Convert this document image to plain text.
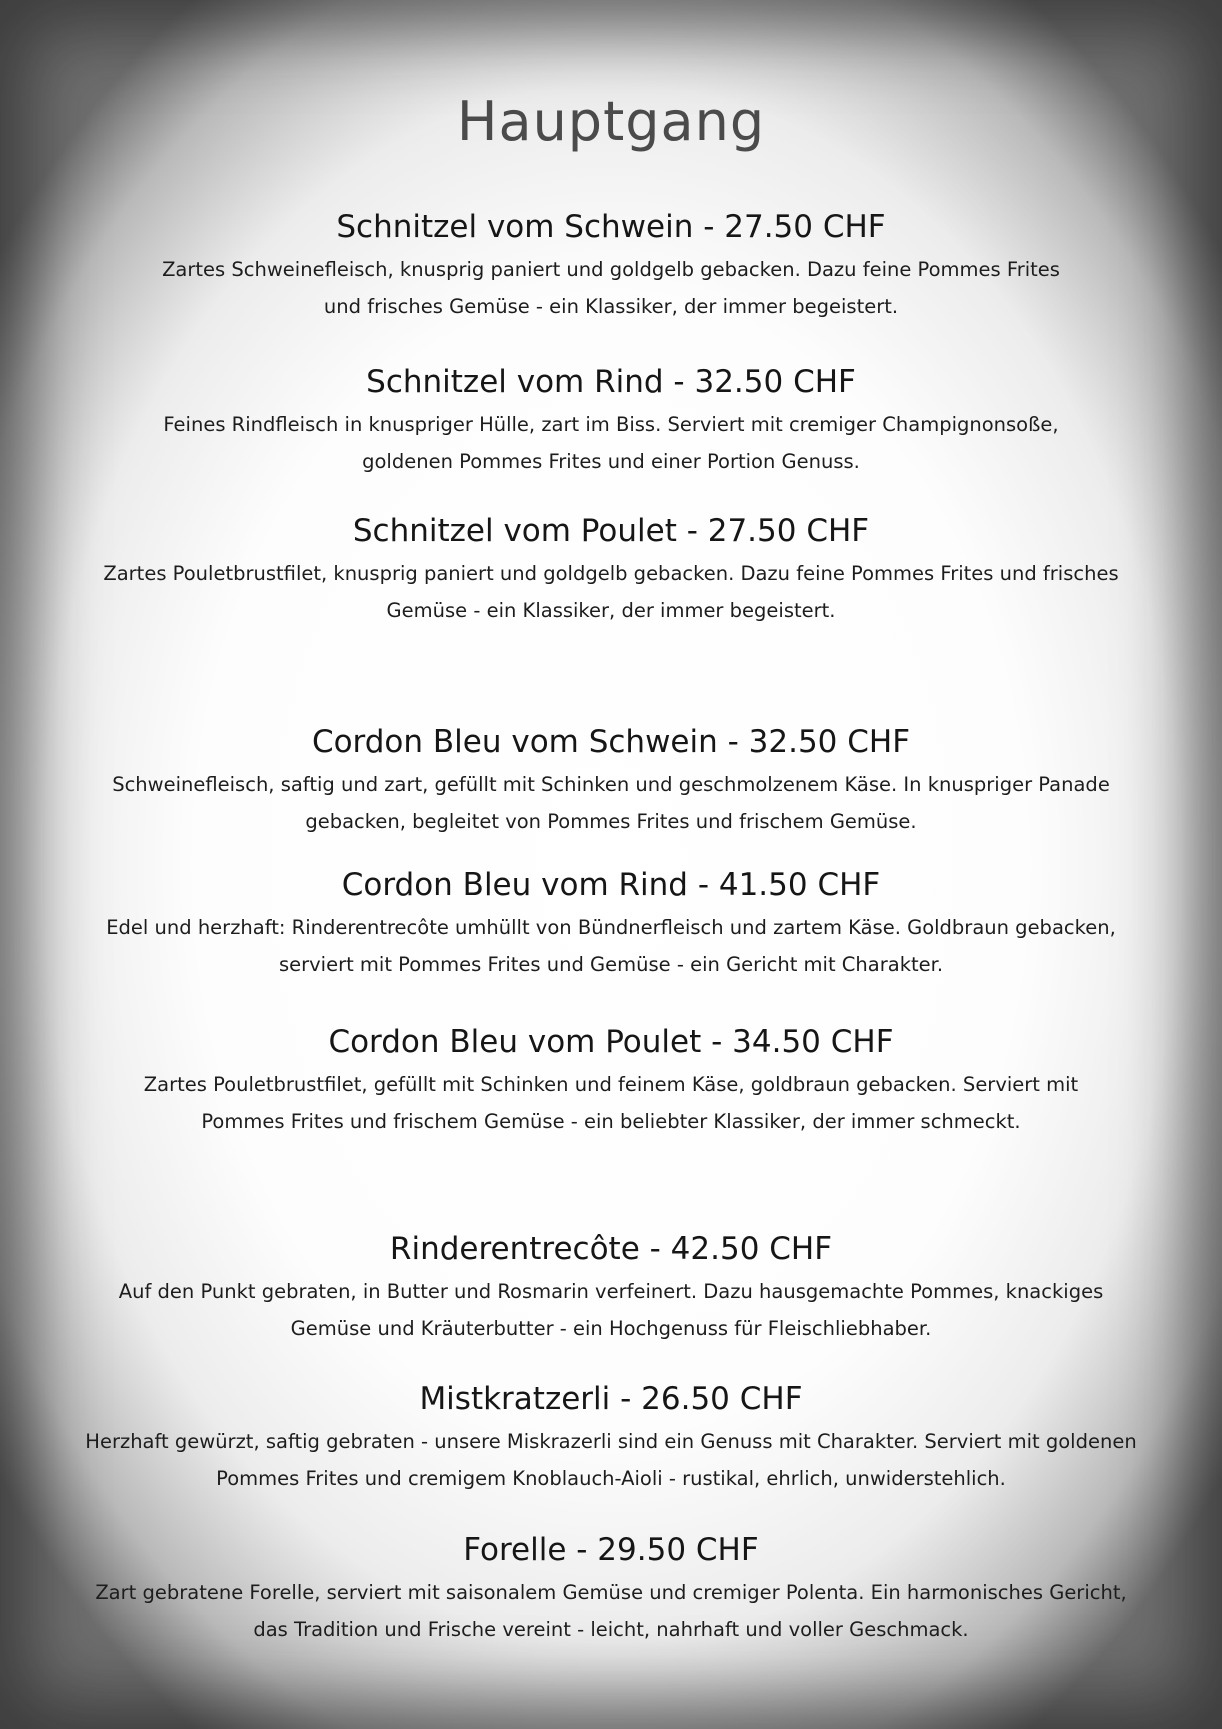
Hauptgang
Schnitzel vom Schwein - 27.50 CHF

Zartes Schweinefleisch, knusprig paniert und goldgelb gebacken. Dazu feine Pommes Frites
und frisches Gemüse - ein Klassiker, der immer begeistert.

Schnitzel vom Rind - 32.50 CHF

Feines Rindfleisch in knuspriger Hülle, zart im Biss. Serviert mit cremiger Champignonsoße,
goldenen Pommes Frites und einer Portion Genuss.

Schnitzel vom Poulet - 27.50 CHF

Zartes Pouletbrustfilet, knusprig paniert und goldgelb gebacken. Dazu feine Pommes Frites und frisches
Gemüse - ein Klassiker, der immer begeistert.

Cordon Bleu vom Schwein - 32.50 CHF

Schweinefleisch, saftig und zart, gefüllt mit Schinken und geschmolzenem Käse. In knuspriger Panade
gebacken, begleitet von Pommes Frites und frischem Gemüse.

Cordon Bleu vom Rind - 41.50 CHF

Edel und herzhaft: Rinderentrecôte umhüllt von Bündnerfleisch und zartem Käse. Goldbraun gebacken,
serviert mit Pommes Frites und Gemüse - ein Gericht mit Charakter.

Cordon Bleu vom Poulet - 34.50 CHF

Zartes Pouletbrustfilet, gefüllt mit Schinken und feinem Käse, goldbraun gebacken. Serviert mit
Pommes Frites und frischem Gemüse - ein beliebter Klassiker, der immer schmeckt.

Rinderentrecôte - 42.50 CHF

Auf den Punkt gebraten, in Butter und Rosmarin verfeinert. Dazu hausgemachte Pommes, knackiges
Gemüse und Kräuterbutter - ein Hochgenuss für Fleischliebhaber.

Mistkratzerli - 26.50 CHF

Herzhaft gewürzt, saftig gebraten - unsere Miskrazerli sind ein Genuss mit Charakter. Serviert mit goldenen
Pommes Frites und cremigem Knoblauch-Aioli - rustikal, ehrlich, unwiderstehlich.

Forelle - 29.50 CHF

Zart gebratene Forelle, serviert mit saisonalem Gemüse und cremiger Polenta. Ein harmonisches Gericht,
das Tradition und Frische vereint - leicht, nahrhaft und voller Geschmack.
